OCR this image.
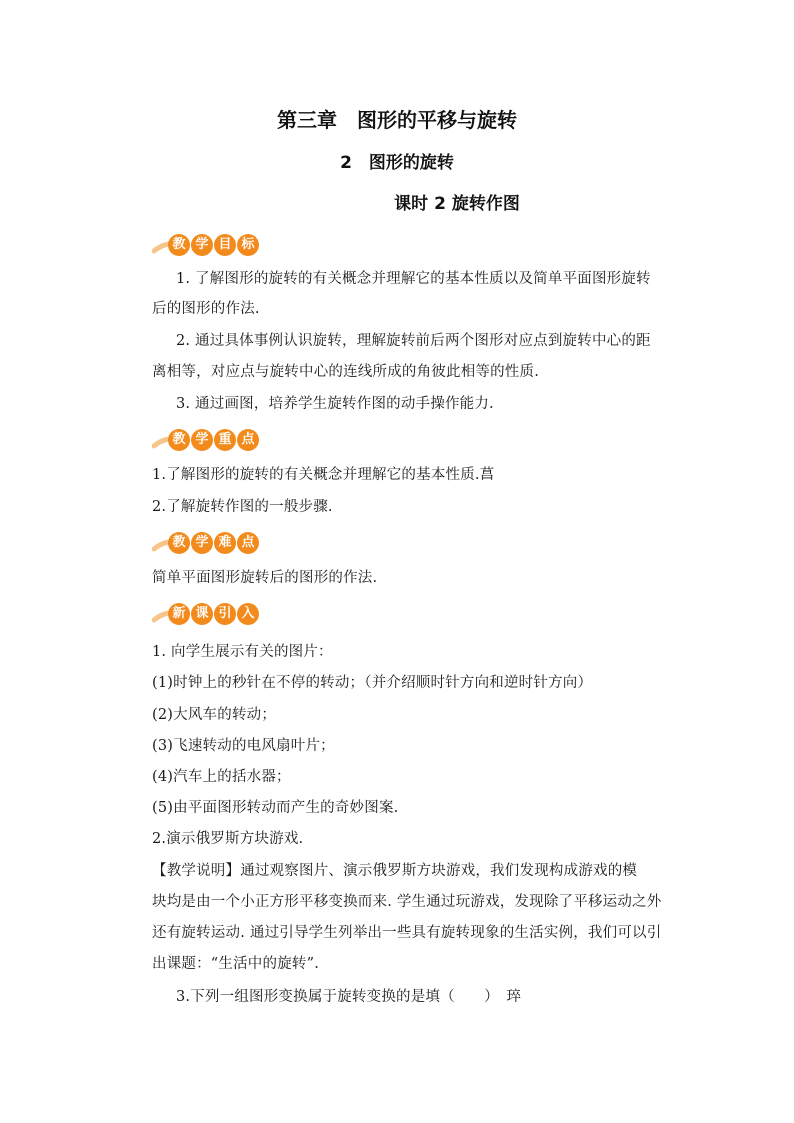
第三章　图形的平移与旋转
2　图形的旋转
课时 2 旋转作图
教 学 目 标
1. 了解图形的旋转的有关概念并理解它的基本性质以及简单平面图形旋转
后的图形的作法.
2. 通过具体事例认识旋转，理解旋转前后两个图形对应点到旋转中心的距
离相等，对应点与旋转中心的连线所成的角彼此相等的性质.
3. 通过画图，培养学生旋转作图的动手操作能力.
教 学 重 点
1.了解图形的旋转的有关概念并理解它的基本性质.菖
2.了解旋转作图的一般步骤.
教 学 难 点
简单平面图形旋转后的图形的作法.
新 课 引 入
1. 向学生展示有关的图片：
(1)时钟上的秒针在不停的转动；（并介绍顺时针方向和逆时针方向）
(2)大风车的转动；
(3)飞速转动的电风扇叶片；
(4)汽车上的括水器；
(5)由平面图形转动而产生的奇妙图案.
2.演示俄罗斯方块游戏.
【教学说明】通过观察图片、演示俄罗斯方块游戏，我们发现构成游戏的模
块均是由一个小正方形平移变换而来. 学生通过玩游戏，发现除了平移运动之外
还有旋转运动. 通过引导学生列举出一些具有旋转现象的生活实例，我们可以引
出课题：“生活中的旋转”.
3.下列一组图形变换属于旋转变换的是填（　　）　琗
